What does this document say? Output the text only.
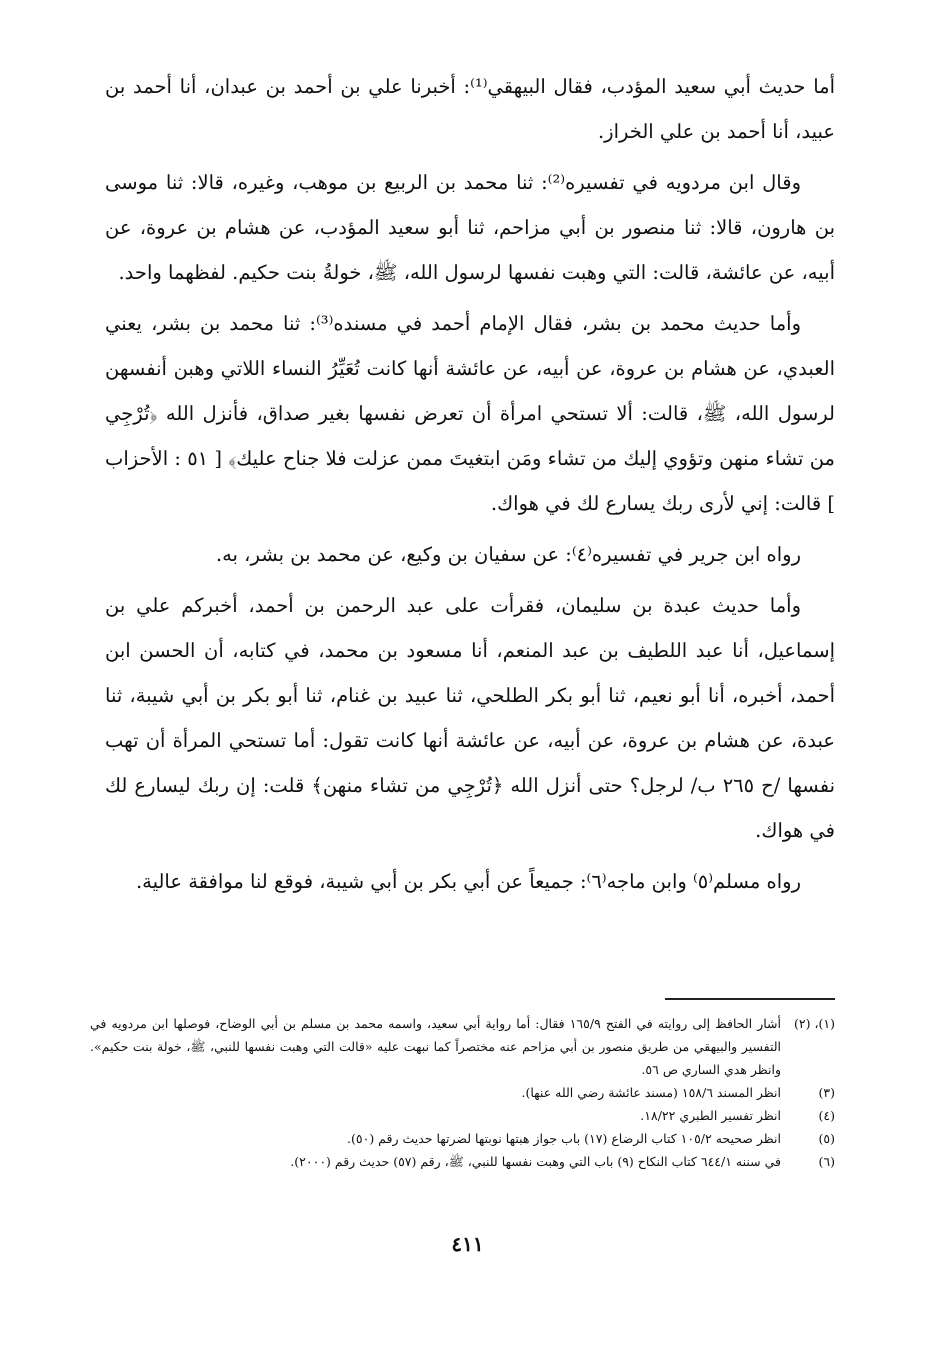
أما حديث أبي سعيد المؤدب، فقال البيهقي⁽¹⁾: أخبرنا علي بن أحمد بن عبدان، أنا أحمد بن عبيد، أنا أحمد بن علي الخراز.

وقال ابن مردويه في تفسيره⁽²⁾: ثنا محمد بن الربيع بن موهب، وغيره، قالا: ثنا موسى بن هارون، قالا: ثنا منصور بن أبي مزاحم، ثنا أبو سعيد المؤدب، عن هشام بن عروة، عن أبيه، عن عائشة، قالت: التي وهبت نفسها لرسول الله، ﷺ، خولةُ بنت حكيم. لفظهما واحد.

وأما حديث محمد بن بشر، فقال الإمام أحمد في مسنده⁽³⁾: ثنا محمد بن بشر، يعني العبدي، عن هشام بن عروة، عن أبيه، عن عائشة أنها كانت تُعَيِّرُ النساء اللاتي وهبن أنفسهن لرسول الله، ﷺ، قالت: ألا تستحي امرأة أن تعرض نفسها بغير صداق، فأنزل الله ﴿تُرْجِي من تشاء منهن وتؤوي إليك من تشاء ومَن ابتغيتَ ممن عزلت فلا جناح عليك﴾ [ ٥١ : الأحزاب ] قالت: إني لأرى ربك يسارع لك في هواك.

رواه ابن جرير في تفسيره⁽٤⁾: عن سفيان بن وكيع، عن محمد بن بشر، به.

وأما حديث عبدة بن سليمان، فقرأت على عبد الرحمن بن أحمد، أخبركم علي بن إسماعيل، أنا عبد اللطيف بن عبد المنعم، أنا مسعود بن محمد، في كتابه، أن الحسن ابن أحمد، أخبره، أنا أبو نعيم، ثنا أبو بكر الطلحي، ثنا عبيد بن غنام، ثنا أبو بكر بن أبي شيبة، ثنا عبدة، عن هشام بن عروة، عن أبيه، عن عائشة أنها كانت تقول: أما تستحي المرأة أن تهب نفسها /ح ٢٦٥ ب/ لرجل؟ حتى أنزل الله ﴿تُرْجِي من تشاء منهن﴾ قلت: إن ربك ليسارع لك في هواك.

رواه مسلم⁽٥⁾ وابن ماجه⁽٦⁾: جميعاً عن أبي بكر بن أبي شيبة، فوقع لنا موافقة عالية.

(١)، (٢)
أشار الحافظ إلى روايته في الفتح ١٦٥/٩ فقال: أما رواية أبي سعيد، واسمه محمد بن مسلم بن أبي الوضاح، فوصلها ابن مردويه في التفسير والبيهقي من طريق منصور بن أبي مزاحم عنه مختصراً كما نبهت عليه «قالت التي وهبت نفسها للنبي، ﷺ، خولة بنت حكيم». وانظر هدي الساري ص ٥٦.
(٣)
انظر المسند ١٥٨/٦ (مسند عائشة رضي الله عنها).
(٤)
انظر تفسير الطبري ١٨/٢٢.
(٥)
انظر صحيحه ١٠٥/٢ كتاب الرضاع (١٧) باب جواز هبتها نوبتها لضرتها حديث رقم (٥٠).
(٦)
في سننه ٦٤٤/١ كتاب النكاح (٩) باب التي وهبت نفسها للنبي، ﷺ، رقم (٥٧) حديث رقم (٢٠٠٠).
٤١١
